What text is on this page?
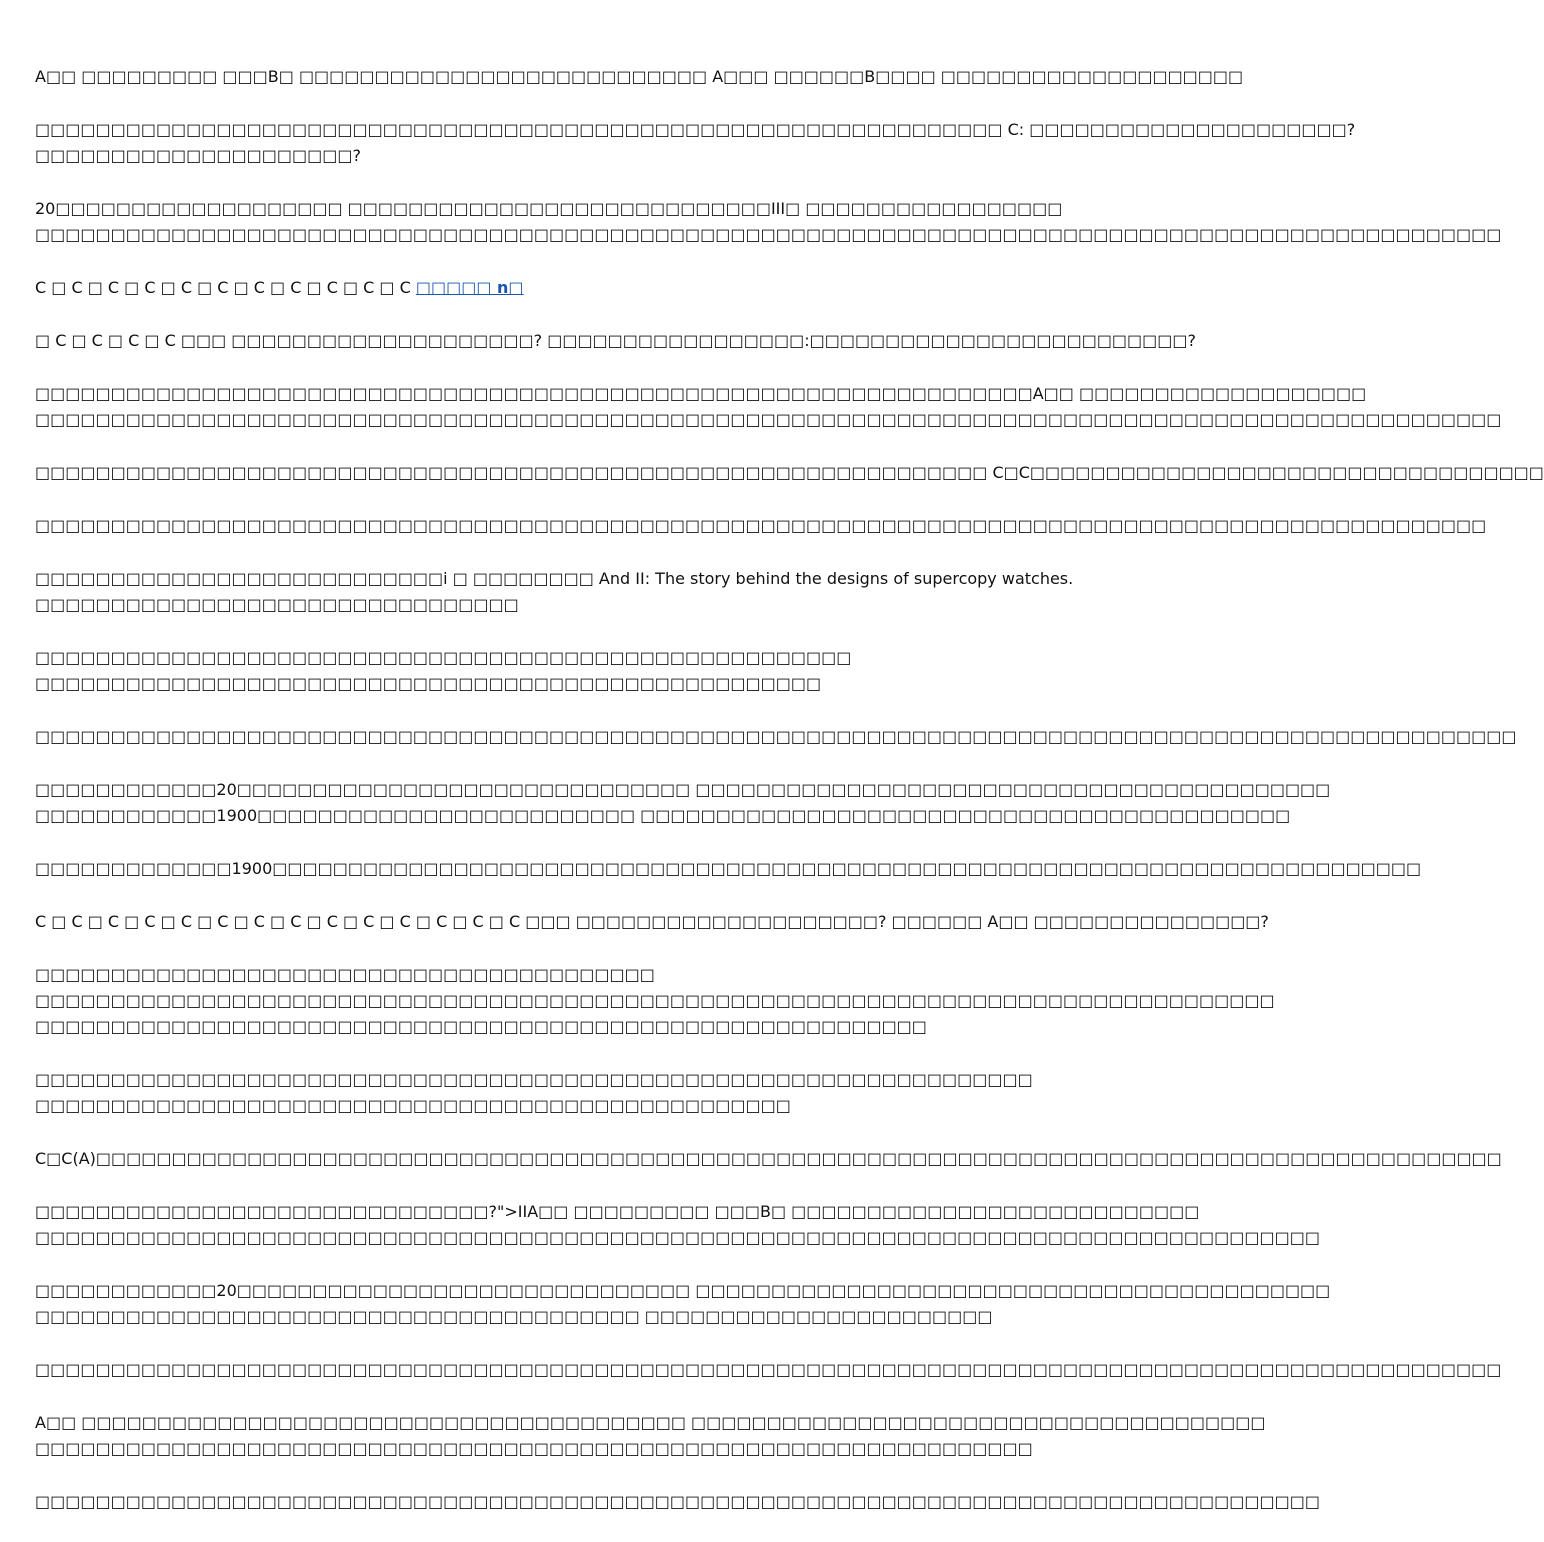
A□□ □□□□□□□□□ □□□B□ □□□□□□□□□□□□□□□□□□□□□□□□□□□ A□□□ □□□□□□B□□□□ □□□□□□□□□□□□□□□□□□□□
□□□□□□□□□□□□□□□□□□□□□□□□□□□□□□□□□□□□□□□□□□□□□□□□□□□□□□□□□□□□□□□□ C: □□□□□□□□□□□□□□□□□□□□□?
□□□□□□□□□□□□□□□□□□□□□?
20□□□□□□□□□□□□□□□□□□□ □□□□□□□□□□□□□□□□□□□□□□□□□□□□III□ □□□□□□□□□□□□□□□□□
□□□□□□□□□□□□□□□□□□□□□□□□□□□□□□□□□□□□□□□□□□□□□□□□□□□□□□□□□□□□□□□□□□□□□□□□□□□□□□□□□□□□□□□□□□□□□□□□□
C □ C □ C □ C □ C □ C □ C □ C □ C □ C □ C □□□□□ n□
□ C □ C □ C □ C □□□ □□□□□□□□□□□□□□□□□□□□? □□□□□□□□□□□□□□□□□:□□□□□□□□□□□□□□□□□□□□□□□□□?
□□□□□□□□□□□□□□□□□□□□□□□□□□□□□□□□□□□□□□□□□□□□□□□□□□□□□□□□□□□□□□□□□□A□□ □□□□□□□□□□□□□□□□□□□
□□□□□□□□□□□□□□□□□□□□□□□□□□□□□□□□□□□□□□□□□□□□□□□□□□□□□□□□□□□□□□□□□□□□□□□□□□□□□□□□□□□□□□□□□□□□□□□□□
□□□□□□□□□□□□□□□□□□□□□□□□□□□□□□□□□□□□□□□□□□□□□□□□□□□□□□□□□□□□□□□ C□C□□□□□□□□□□□□□□□□□□□□□□□□□□□□□□□□□□
□□□□□□□□□□□□□□□□□□□□□□□□□□□□□□□□□□□□□□□□□□□□□□□□□□□□□□□□□□□□□□□□□□□□□□□□□□□□□□□□□□□□□□□□□□□□□□□□
□□□□□□□□□□□□□□□□□□□□□□□□□□□i □ □□□□□□□□ And II: The story behind the designs of supercopy watches.
□□□□□□□□□□□□□□□□□□□□□□□□□□□□□□□□
□□□□□□□□□□□□□□□□□□□□□□□□□□□□□□□□□□□□□□□□□□□□□□□□□□□□□□
□□□□□□□□□□□□□□□□□□□□□□□□□□□□□□□□□□□□□□□□□□□□□□□□□□□□
□□□□□□□□□□□□□□□□□□□□□□□□□□□□□□□□□□□□□□□□□□□□□□□□□□□□□□□□□□□□□□□□□□□□□□□□□□□□□□□□□□□□□□□□□□□□□□□□□□
□□□□□□□□□□□□20□□□□□□□□□□□□□□□□□□□□□□□□□□□□□□ □□□□□□□□□□□□□□□□□□□□□□□□□□□□□□□□□□□□□□□□□□
□□□□□□□□□□□□1900□□□□□□□□□□□□□□□□□□□□□□□□□ □□□□□□□□□□□□□□□□□□□□□□□□□□□□□□□□□□□□□□□□□□□
□□□□□□□□□□□□□1900□□□□□□□□□□□□□□□□□□□□□□□□□□□□□□□□□□□□□□□□□□□□□□□□□□□□□□□□□□□□□□□□□□□□□□□□□□□□
C □ C □ C □ C □ C □ C □ C □ C □ C □ C □ C □ C □ C □ C □□□ □□□□□□□□□□□□□□□□□□□□? □□□□□□ A□□ □□□□□□□□□□□□□□□?
□□□□□□□□□□□□□□□□□□□□□□□□□□□□□□□□□□□□□□□□□
□□□□□□□□□□□□□□□□□□□□□□□□□□□□□□□□□□□□□□□□□□□□□□□□□□□□□□□□□□□□□□□□□□□□□□□□□□□□□□□□□□
□□□□□□□□□□□□□□□□□□□□□□□□□□□□□□□□□□□□□□□□□□□□□□□□□□□□□□□□□□□
□□□□□□□□□□□□□□□□□□□□□□□□□□□□□□□□□□□□□□□□□□□□□□□□□□□□□□□□□□□□□□□□□□
□□□□□□□□□□□□□□□□□□□□□□□□□□□□□□□□□□□□□□□□□□□□□□□□□□
C□C(A)□□□□□□□□□□□□□□□□□□□□□□□□□□□□□□□□□□□□□□□□□□□□□□□□□□□□□□□□□□□□□□□□□□□□□□□□□□□□□□□□□□□□□□□□□□□□□
□□□□□□□□□□□□□□□□□□□□□□□□□□□□□□?">IIA□□ □□□□□□□□□ □□□B□ □□□□□□□□□□□□□□□□□□□□□□□□□□□
□□□□□□□□□□□□□□□□□□□□□□□□□□□□□□□□□□□□□□□□□□□□□□□□□□□□□□□□□□□□□□□□□□□□□□□□□□□□□□□□□□□□□
□□□□□□□□□□□□20□□□□□□□□□□□□□□□□□□□□□□□□□□□□□□ □□□□□□□□□□□□□□□□□□□□□□□□□□□□□□□□□□□□□□□□□□
□□□□□□□□□□□□□□□□□□□□□□□□□□□□□□□□□□□□□□□□ □□□□□□□□□□□□□□□□□□□□□□□
□□□□□□□□□□□□□□□□□□□□□□□□□□□□□□□□□□□□□□□□□□□□□□□□□□□□□□□□□□□□□□□□□□□□□□□□□□□□□□□□□□□□□□□□□□□□□□□□□
A□□ □□□□□□□□□□□□□□□□□□□□□□□□□□□□□□□□□□□□□□□□ □□□□□□□□□□□□□□□□□□□□□□□□□□□□□□□□□□□□□□
□□□□□□□□□□□□□□□□□□□□□□□□□□□□□□□□□□□□□□□□□□□□□□□□□□□□□□□□□□□□□□□□□□
□□□□□□□□□□□□□□□□□□□□□□□□□□□□□□□□□□□□□□□□□□□□□□□□□□□□□□□□□□□□□□□□□□□□□□□□□□□□□□□□□□□□□
